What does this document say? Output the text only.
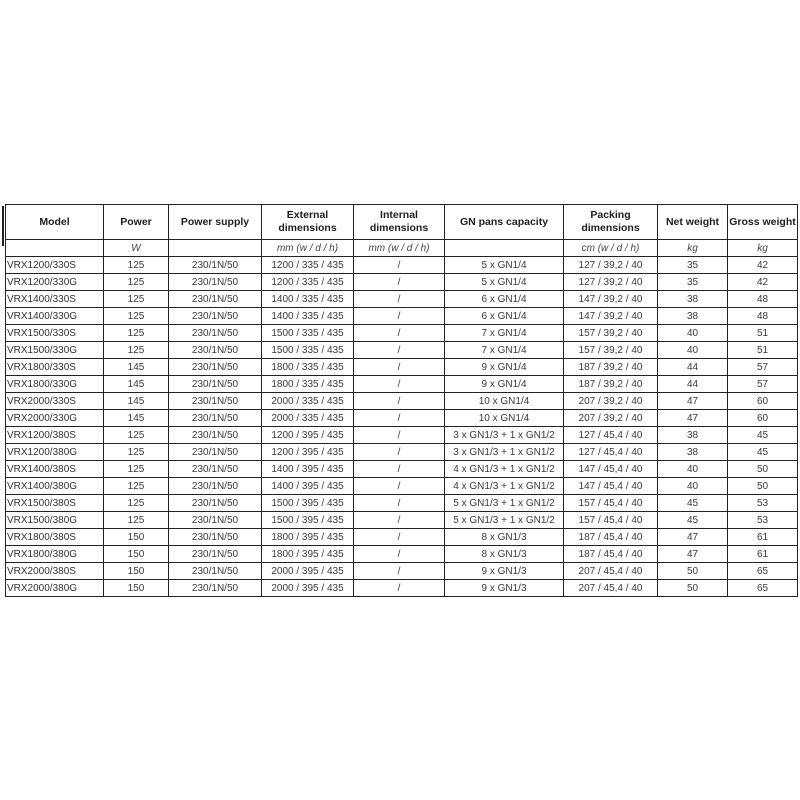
Model	Power	Power supply	External dimensions	Internal dimensions	GN pans capacity	Packing dimensions	Net weight	Gross weight
	W		mm (w / d / h)	mm (w / d / h)		cm (w / d / h)	kg	kg
VRX1200/330S	125	230/1N/50	1200 / 335 / 435	/	5 x GN1/4	127 / 39,2 / 40	35	42
VRX1200/330G	125	230/1N/50	1200 / 335 / 435	/	5 x GN1/4	127 / 39,2 / 40	35	42
VRX1400/330S	125	230/1N/50	1400 / 335 / 435	/	6 x GN1/4	147 / 39,2 / 40	38	48
VRX1400/330G	125	230/1N/50	1400 / 335 / 435	/	6 x GN1/4	147 / 39,2 / 40	38	48
VRX1500/330S	125	230/1N/50	1500 / 335 / 435	/	7 x GN1/4	157 / 39,2 / 40	40	51
VRX1500/330G	125	230/1N/50	1500 / 335 / 435	/	7 x GN1/4	157 / 39,2 / 40	40	51
VRX1800/330S	145	230/1N/50	1800 / 335 / 435	/	9 x GN1/4	187 / 39,2 / 40	44	57
VRX1800/330G	145	230/1N/50	1800 / 335 / 435	/	9 x GN1/4	187 / 39,2 / 40	44	57
VRX2000/330S	145	230/1N/50	2000 / 335 / 435	/	10 x GN1/4	207 / 39,2 / 40	47	60
VRX2000/330G	145	230/1N/50	2000 / 335 / 435	/	10 x GN1/4	207 / 39,2 / 40	47	60
VRX1200/380S	125	230/1N/50	1200 / 395 / 435	/	3 x GN1/3 + 1 x GN1/2	127 / 45,4 / 40	38	45
VRX1200/380G	125	230/1N/50	1200 / 395 / 435	/	3 x GN1/3 + 1 x GN1/2	127 / 45,4 / 40	38	45
VRX1400/380S	125	230/1N/50	1400 / 395 / 435	/	4 x GN1/3 + 1 x GN1/2	147 / 45,4 / 40	40	50
VRX1400/380G	125	230/1N/50	1400 / 395 / 435	/	4 x GN1/3 + 1 x GN1/2	147 / 45,4 / 40	40	50
VRX1500/380S	125	230/1N/50	1500 / 395 / 435	/	5 x GN1/3 + 1 x GN1/2	157 / 45,4 / 40	45	53
VRX1500/380G	125	230/1N/50	1500 / 395 / 435	/	5 x GN1/3 + 1 x GN1/2	157 / 45,4 / 40	45	53
VRX1800/380S	150	230/1N/50	1800 / 395 / 435	/	8 x GN1/3	187 / 45,4 / 40	47	61
VRX1800/380G	150	230/1N/50	1800 / 395 / 435	/	8 x GN1/3	187 / 45,4 / 40	47	61
VRX2000/380S	150	230/1N/50	2000 / 395 / 435	/	9 x GN1/3	207 / 45,4 / 40	50	65
VRX2000/380G	150	230/1N/50	2000 / 395 / 435	/	9 x GN1/3	207 / 45,4 / 40	50	65
